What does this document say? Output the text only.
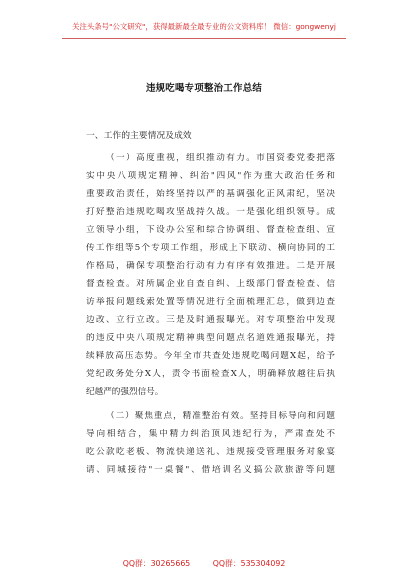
关注头条号"公文研究"，获得最新最全最专业的公文资料库！ 微信：gongwenyj
违规吃喝专项整治工作总结
一、工作的主要情况及成效
（一）高度重视，组织推动有力。市国资委党委把落
实中央八项规定精神、纠治"四风"作为重大政治任务和
重要政治责任，始终坚持以严的基调强化正风肃纪，坚决
打好整治违规吃喝攻坚战持久战。一是强化组织领导。成
立领导小组，下设办公室和综合协调组、督查检查组、宣
传工作组等5个专项工作组，形成上下联动、横向协同的工
作格局，确保专项整治行动有力有序有效推进。二是开展
督查检查。对所属企业自查自纠、上级部门督查检查、信
访举报问题线索处置等情况进行全面梳理汇总，做到边查
边改、立行立改。三是及时通报曝光。对专项整治中发现
的违反中央八项规定精神典型问题点名道姓通报曝光，持
续释放高压态势。今年全市共查处违规吃喝问题X起，给予
党纪政务处分X人，责令书面检查X人，明确释放越往后执
纪越严的强烈信号。
（二）聚焦重点，精准整治有效。坚持目标导向和问题
导向相结合，集中精力纠治顶风违纪行为，严肃查处不
吃公款吃老板、物流快递送礼、违规接受管理服务对象宴
请、同城接待"一桌餐"、借培训名义搞公款旅游等问题
QQ群：30265665	QQ群：535304092
